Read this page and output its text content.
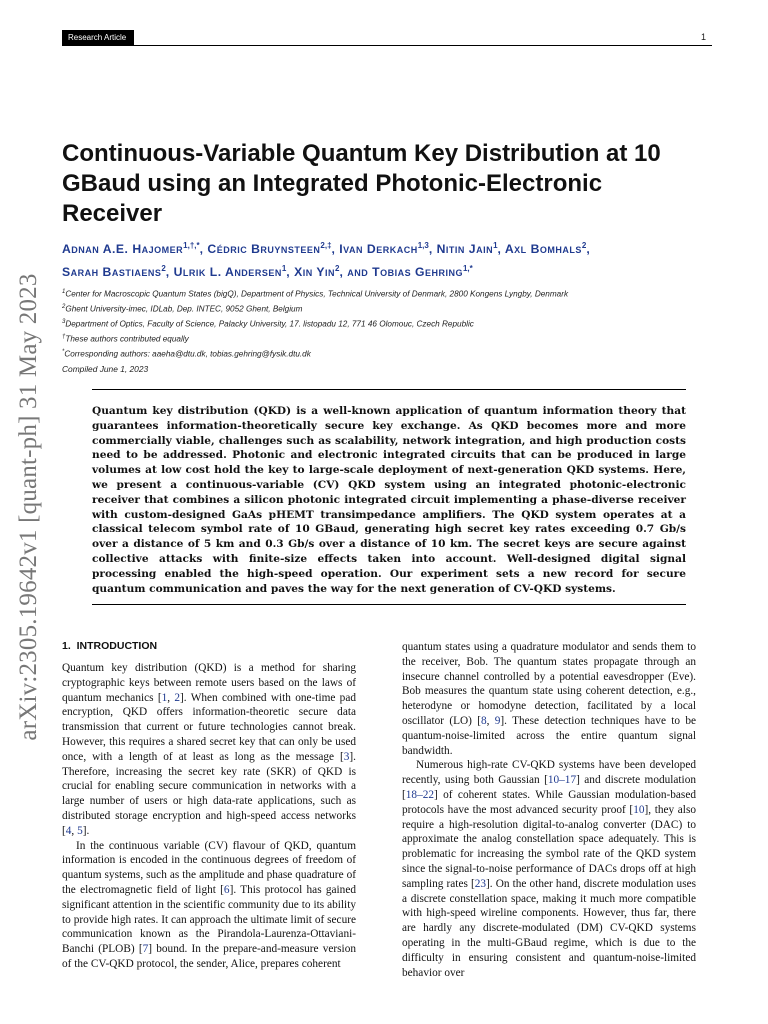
Research Article	1
arXiv:2305.19642v1 [quant-ph] 31 May 2023
Continuous-Variable Quantum Key Distribution at 10 GBaud using an Integrated Photonic-Electronic Receiver
Adnan A.E. Hajomer$^{1,\dagger,*}$, Cédric Bruynsteen$^{2,\ddagger}$, Ivan Derkach$^{1,3}$, Nitin Jain$^1$, Axl Bomhals$^2$,
Sarah Bastiaens$^2$, Ulrik L. Andersen$^1$, Xin Yin$^2$, and Tobias Gehring$^{1,*}$
$^1$Center for Macroscopic Quantum States (bigQ), Department of Physics, Technical University of Denmark, 2800 Kongens Lyngby, Denmark
$^2$Ghent University-imec, IDLab, Dep. INTEC, 9052 Ghent, Belgium
$^3$Department of Optics, Faculty of Science, Palacky University, 17. listopadu 12, 771 46 Olomouc, Czech Republic
†These authors contributed equally
*Corresponding authors: aaeha@dtu.dk, tobias.gehring@fysik.dtu.dk
Compiled June 1, 2023

Quantum key distribution (QKD) is a well-known application of quantum information theory that guarantees information-theoretically secure key exchange. As QKD becomes more and more commercially viable, challenges such as scalability, network integration, and high production costs need to be addressed. Photonic and electronic integrated circuits that can be produced in large volumes at low cost hold the key to large-scale deployment of next-generation QKD systems. Here, we present a continuous-variable (CV) QKD system using an integrated photonic-electronic receiver that combines a silicon photonic integrated circuit implementing a phase-diverse receiver with custom-designed GaAs pHEMT transimpedance amplifiers. The QKD system operates at a classical telecom symbol rate of 10 GBaud, generating high secret key rates exceeding 0.7 Gb/s over a distance of 5 km and 0.3 Gb/s over a distance of 10 km. The secret keys are secure against collective attacks with finite-size effects taken into account. Well-designed digital signal processing enabled the high-speed operation. Our experiment sets a new record for secure quantum communication and paves the way for the next generation of CV-QKD systems.

1. INTRODUCTION

Quantum key distribution (QKD) is a method for sharing cryptographic keys between remote users based on the laws of quantum mechanics [1, 2]. When combined with one-time pad encryption, QKD offers information-theoretic secure data transmission that current or future technologies cannot break. However, this requires a shared secret key that can only be used once, with a length of at least as long as the message [3]. Therefore, increasing the secret key rate (SKR) of QKD is crucial for enabling secure communication in networks with a large number of users or high data-rate applications, such as distributed storage encryption and high-speed access networks [4, 5].

In the continuous variable (CV) flavour of QKD, quantum information is encoded in the continuous degrees of freedom of quantum systems, such as the amplitude and phase quadrature of the electromagnetic field of light [6]. This protocol has gained significant attention in the scientific community due to its ability to provide high rates. It can approach the ultimate limit of secure communication known as the Pirandola-Laurenza-Ottaviani-Banchi (PLOB) [7] bound. In the prepare-and-measure version of the CV-QKD protocol, the sender, Alice, prepares coherent

quantum states using a quadrature modulator and sends them to the receiver, Bob. The quantum states propagate through an insecure channel controlled by a potential eavesdropper (Eve). Bob measures the quantum state using coherent detection, e.g., heterodyne or homodyne detection, facilitated by a local oscillator (LO) [8, 9]. These detection techniques have to be quantum-noise-limited across the entire quantum signal bandwidth.

Numerous high-rate CV-QKD systems have been developed recently, using both Gaussian [10–17] and discrete modulation [18–22] of coherent states. While Gaussian modulation-based protocols have the most advanced security proof [10], they also require a high-resolution digital-to-analog converter (DAC) to approximate the analog constellation space adequately. This is problematic for increasing the symbol rate of the QKD system since the signal-to-noise performance of DACs drops off at high sampling rates [23]. On the other hand, discrete modulation uses a discrete constellation space, making it much more compatible with high-speed wireline components. However, thus far, there are hardly any discrete-modulated (DM) CV-QKD systems operating in the multi-GBaud regime, which is due to the difficulty in ensuring consistent and quantum-noise-limited behavior over
